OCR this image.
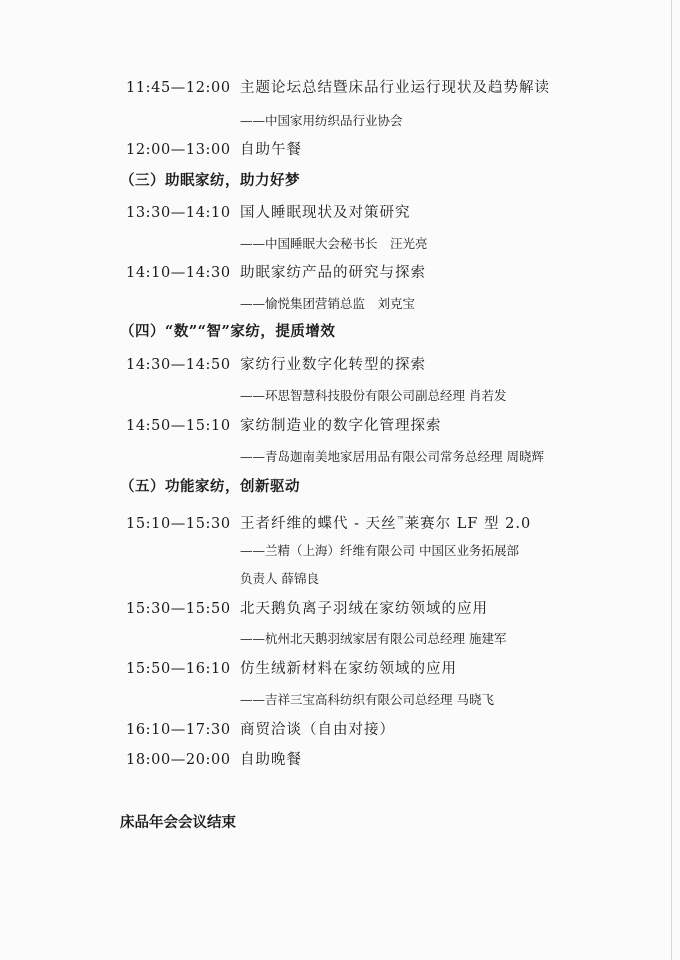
11:45—12:00 主题论坛总结暨床品行业运行现状及趋势解读
——中国家用纺织品行业协会
12:00—13:00 自助午餐
（三）助眠家纺，助力好梦
13:30—14:10 国人睡眠现状及对策研究
——中国睡眠大会秘书长　汪光亮
14:10—14:30 助眠家纺产品的研究与探索
——愉悦集团营销总监　刘克宝
（四）“数”“智”家纺，提质增效
14:30—14:50 家纺行业数字化转型的探索
——环思智慧科技股份有限公司副总经理 肖若发
14:50—15:10 家纺制造业的数字化管理探索
——青岛迦南美地家居用品有限公司常务总经理 周晓辉
（五）功能家纺，创新驱动
15:10—15:30 王者纤维的蝶代 - 天丝™莱赛尔 LF 型 2.0
——兰精（上海）纤维有限公司 中国区业务拓展部
负责人 薛锦良
15:30—15:50 北天鹅负离子羽绒在家纺领域的应用
——杭州北天鹅羽绒家居有限公司总经理 施建军
15:50—16:10 仿生绒新材料在家纺领域的应用
——吉祥三宝高科纺织有限公司总经理 马晓飞
16:10—17:30 商贸洽谈（自由对接）
18:00—20:00 自助晚餐
床品年会会议结束
